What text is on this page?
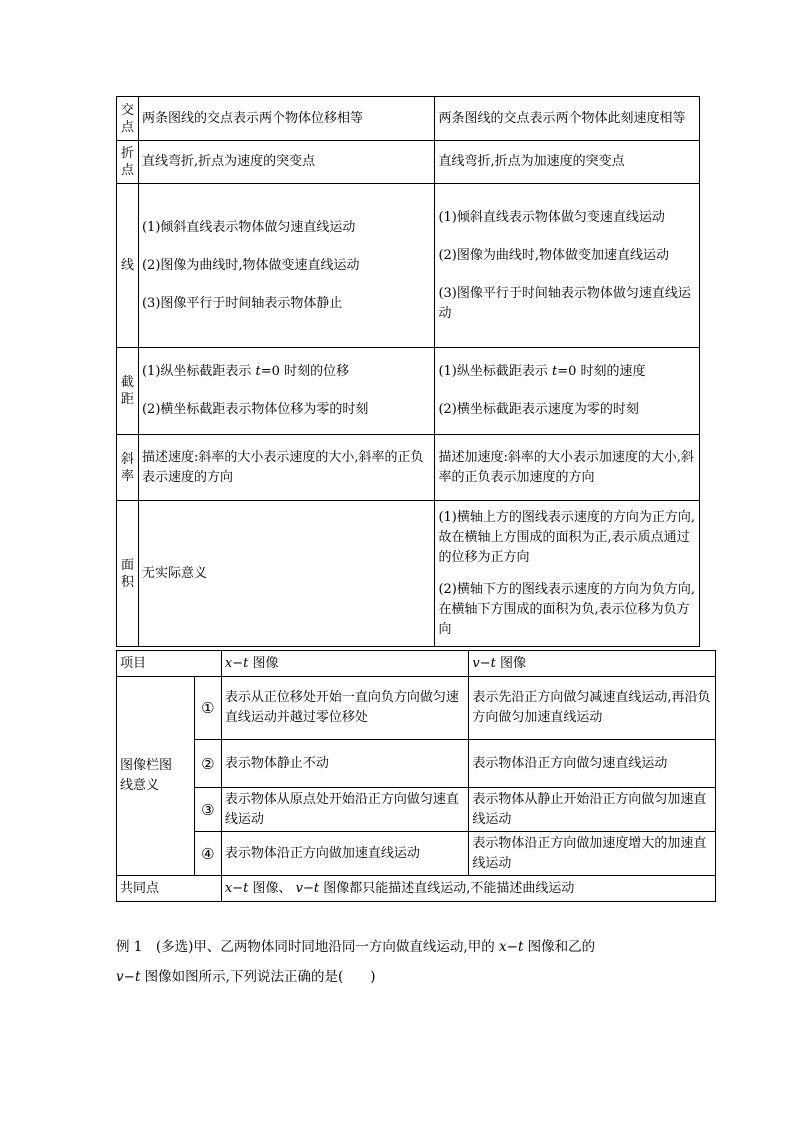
交
点	两条图线的交点表示两个物体位移相等	两条图线的交点表示两个物体此刻速度相等

折
点	直线弯折,折点为速度的突变点	直线弯折,折点为加速度的突变点

线	(1)倾斜直线表示物体做匀速直线运动
(2)图像为曲线时,物体做变速直线运动
(3)图像平行于时间轴表示物体静止	(1)倾斜直线表示物体做匀变速直线运动
(2)图像为曲线时,物体做变加速直线运动
(3)图像平行于时间轴表示物体做匀速直线运动

截
距	(1)纵坐标截距表示 t=0 时刻的位移
(2)横坐标截距表示物体位移为零的时刻	(1)纵坐标截距表示 t=0 时刻的速度
(2)横坐标截距表示速度为零的时刻

斜
率	描述速度:斜率的大小表示速度的大小,斜率的正负表示速度的方向	描述加速度:斜率的大小表示加速度的大小,斜率的正负表示加速度的方向

面
积	无实际意义	(1)横轴上方的图线表示速度的方向为正方向,故在横轴上方围成的面积为正,表示质点通过的位移为正方向
(2)横轴下方的图线表示速度的方向为负方向,在横轴下方围成的面积为负,表示位移为负方向
项目		x−t 图像	v−t 图像

图像栏图
线意义	①	表示从正位移处开始一直向负方向做匀速直线运动并越过零位移处	表示先沿正方向做匀减速直线运动,再沿负方向做匀加速直线运动
	②	表示物体静止不动	表示物体沿正方向做匀速直线运动
	③	表示物体从原点处开始沿正方向做匀速直线运动	表示物体从静止开始沿正方向做匀加速直线运动
	④	表示物体沿正方向做加速直线运动	表示物体沿正方向做加速度增大的加速直线运动
共同点		x−t 图像、 v−t 图像都只能描述直线运动,不能描述曲线运动	
例 1　(多选)甲、乙两物体同时同地沿同一方向做直线运动,甲的 x−t 图像和乙的
v−t 图像如图所示,下列说法正确的是(　　)
